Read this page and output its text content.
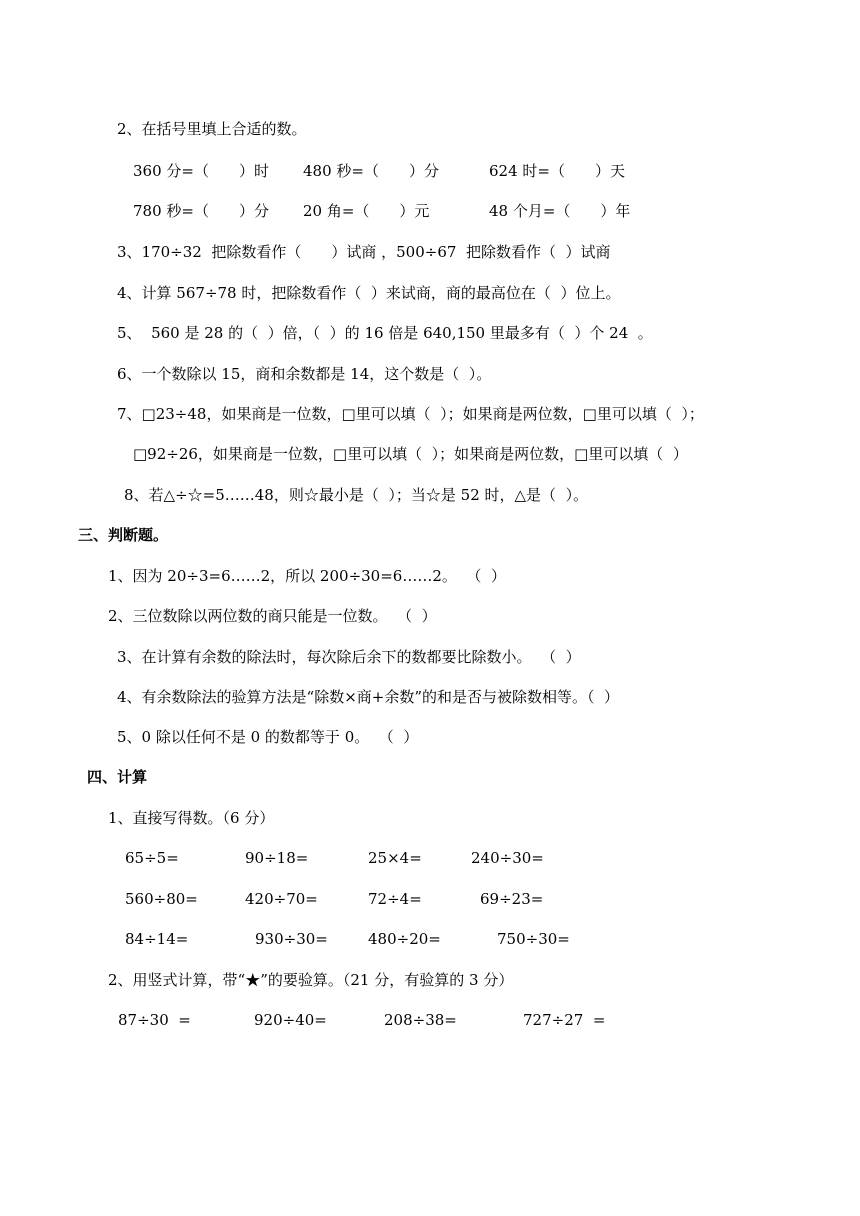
2、在括号里填上合适的数。
360 分=（　　）时 480 秒=（　　）分	624 时=（　　）天
780 秒=（　　）分 20 角=（　　）元	48 个月=（　　）年
3、170÷32  把除数看作（　　）试商 ，500÷67  把除数看作（  ）试商
4、计算 567÷78 时，把除数看作（  ）来试商，商的最高位在（  ）位上。
5、  560 是 28 的（  ）倍，（  ）的 16 倍是 640,150 里最多有（  ）个 24  。
6、一个数除以 15，商和余数都是 14，这个数是（  ）。
7、□23÷48，如果商是一位数，□里可以填（  ）；如果商是两位数，□里可以填（  ）；
□92÷26，如果商是一位数，□里可以填（  ）；如果商是两位数，□里可以填（  ）
8、若△÷☆=5……48，则☆最小是（  ）；当☆是 52 时，△是（  ）。
三、判断题。
1、因为 20÷3=6……2，所以 200÷30=6……2。  （  ）
2、三位数除以两位数的商只能是一位数。  （  ）
3、在计算有余数的除法时，每次除后余下的数都要比除数小。  （  ）
4、有余数除法的验算方法是“除数×商+余数”的和是否与被除数相等。（  ）
5、0 除以任何不是 0 的数都等于 0。  （  ）
四、计算
1、直接写得数。（6 分）
65÷5=	90÷18=	25×4=	240÷30=
560÷80=	420÷70=	72÷4=	69÷23=
84÷14=	930÷30=	480÷20=	750÷30=
2、用竖式计算，带“★”的要验算。（21 分，有验算的 3 分）
87÷30  =	920÷40=	208÷38=	727÷27  =
